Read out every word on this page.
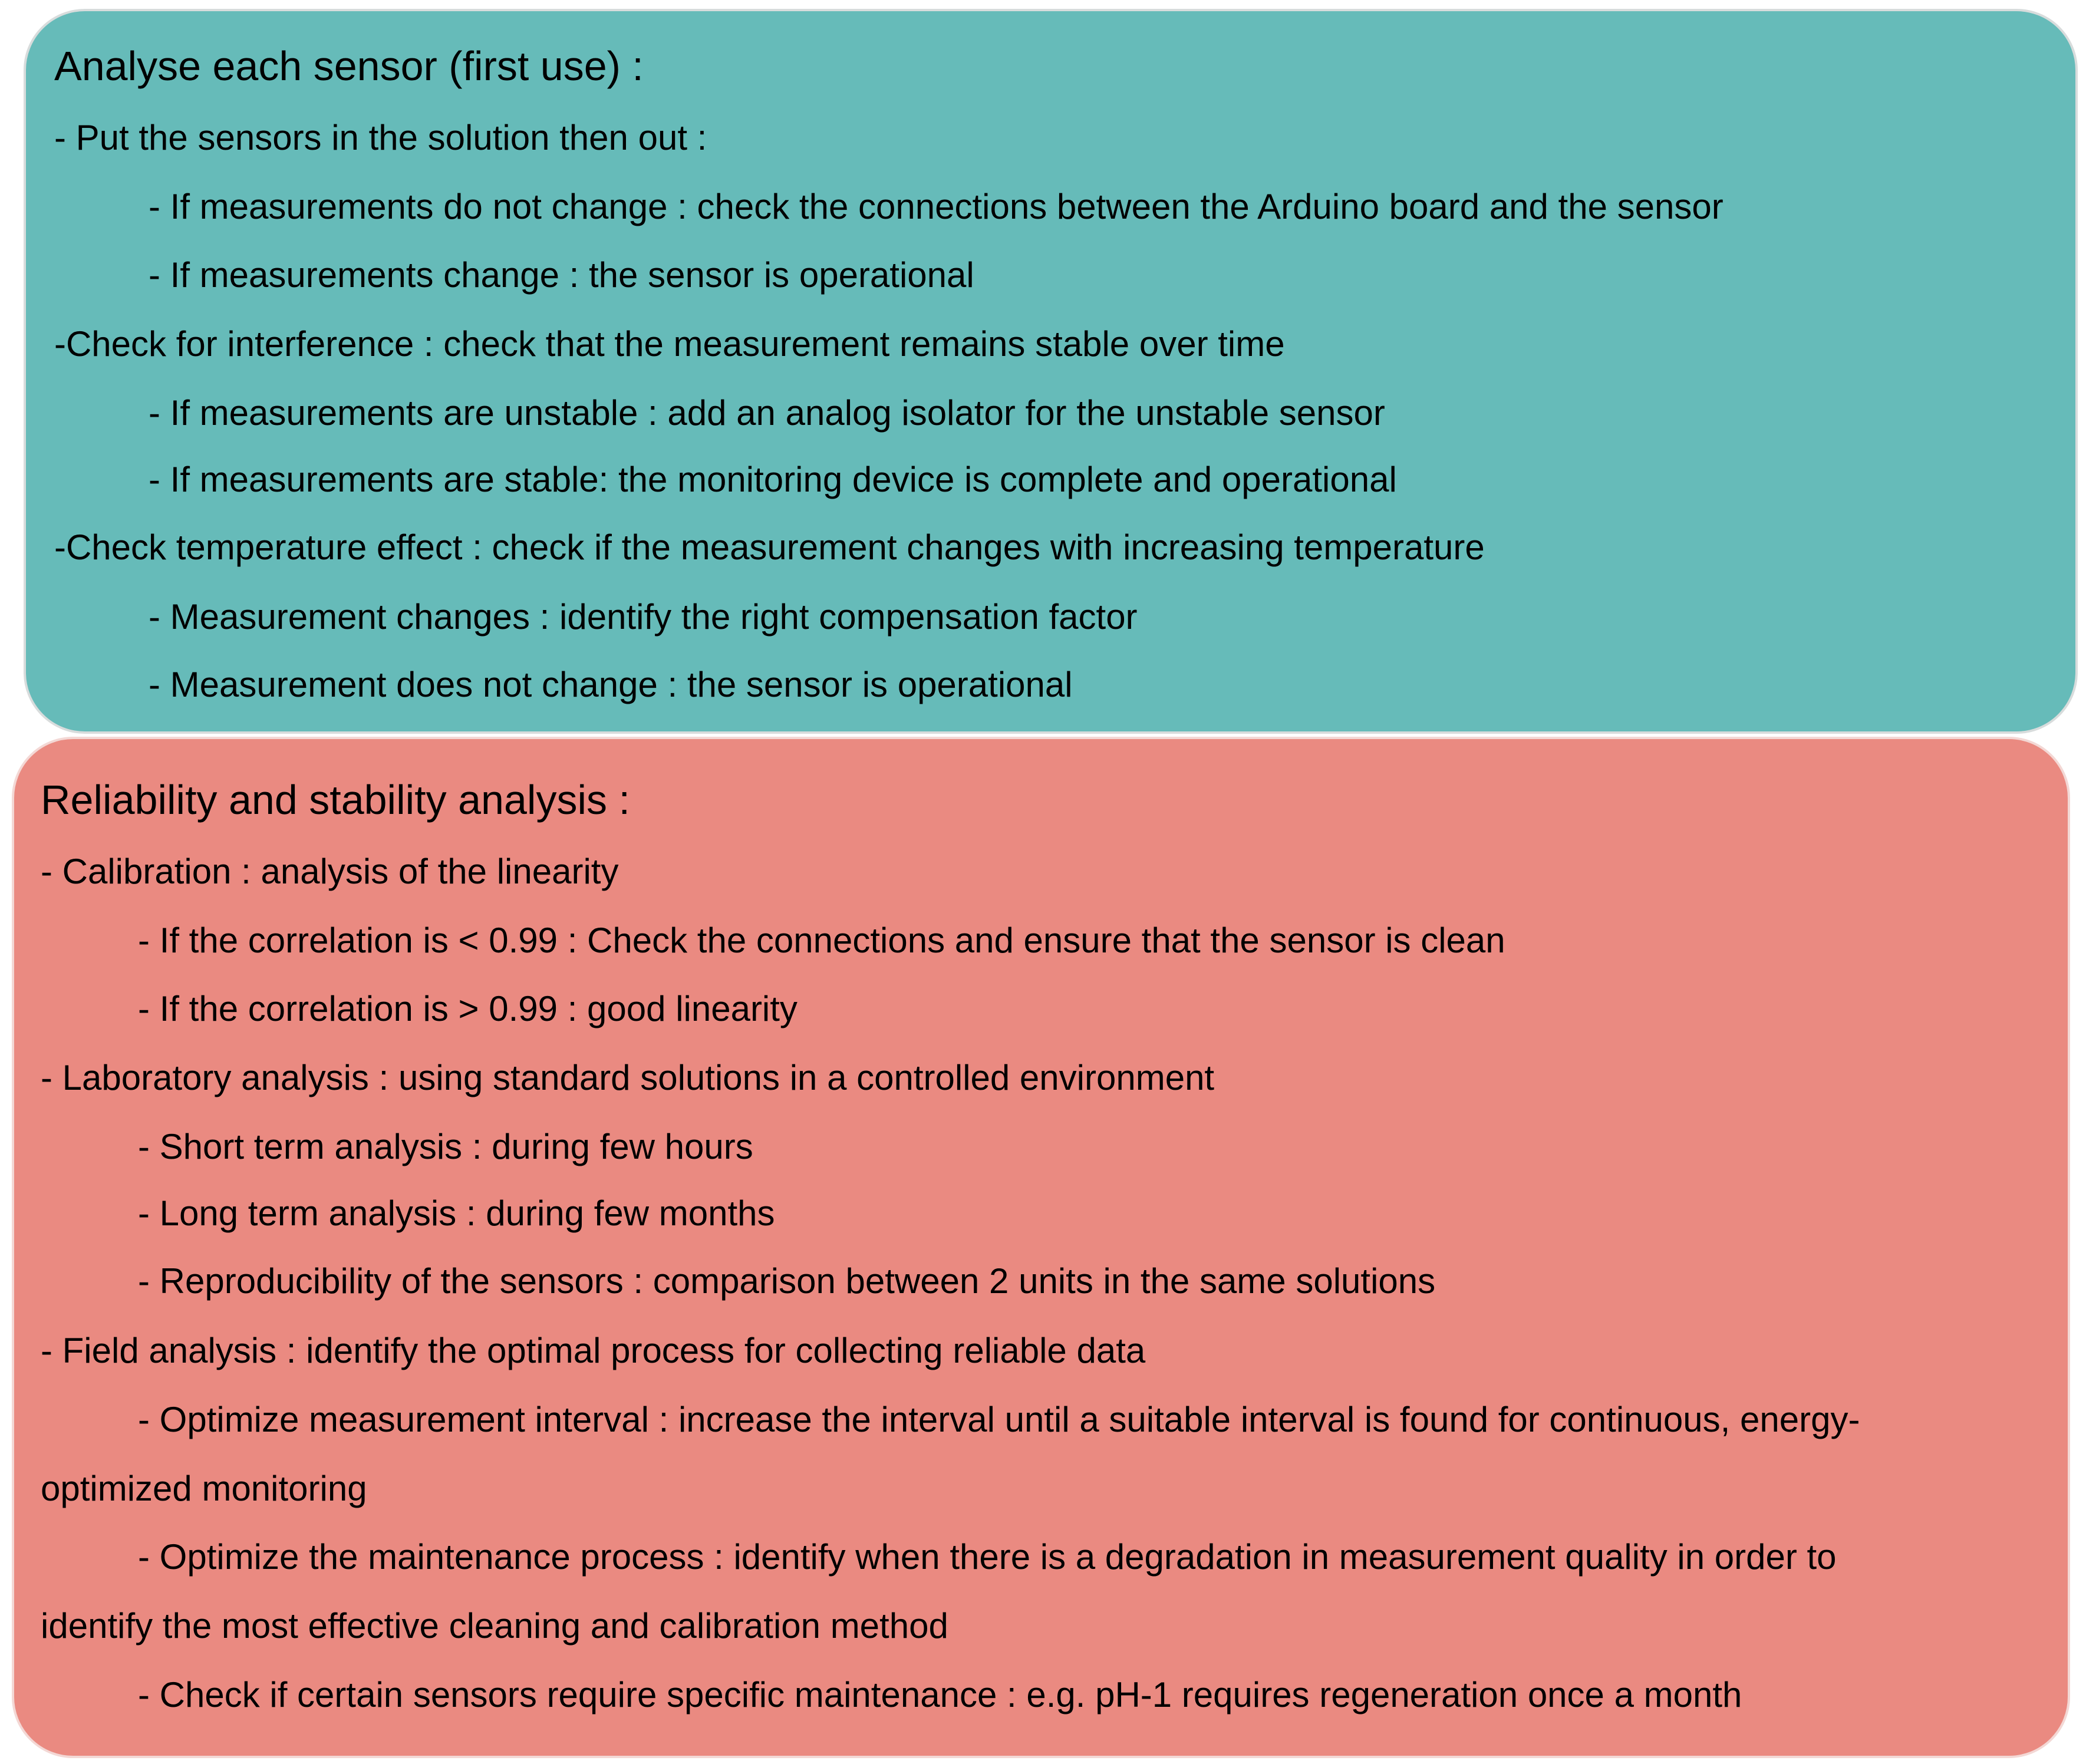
Analyse each sensor (first use) :
- Put the sensors in the solution then out :
- If measurements do not change : check the connections between the Arduino board and the sensor
- If measurements change : the sensor is operational
-Check for interference : check that the measurement remains stable over time
- If measurements are unstable : add an analog isolator for the unstable sensor
- If measurements are stable: the monitoring device is complete and operational
-Check temperature effect : check if the measurement changes with increasing temperature
- Measurement changes : identify the right compensation factor
- Measurement does not change : the sensor is operational
Reliability and stability analysis :
- Calibration : analysis of the linearity
- If the correlation is < 0.99 : Check the connections and ensure that the sensor is clean
- If the correlation is > 0.99 : good linearity
- Laboratory analysis : using standard solutions in a controlled environment
- Short term analysis : during few hours
- Long term analysis : during few months
- Reproducibility of the sensors : comparison between 2 units in the same solutions
- Field analysis : identify the optimal process for collecting reliable data
- Optimize measurement interval : increase the interval until a suitable interval is found for continuous, energy-
optimized monitoring
- Optimize the maintenance process : identify when there is a degradation in measurement quality in order to
identify the most effective cleaning and calibration method
- Check if certain sensors require specific maintenance : e.g. pH-1 requires regeneration once a month
